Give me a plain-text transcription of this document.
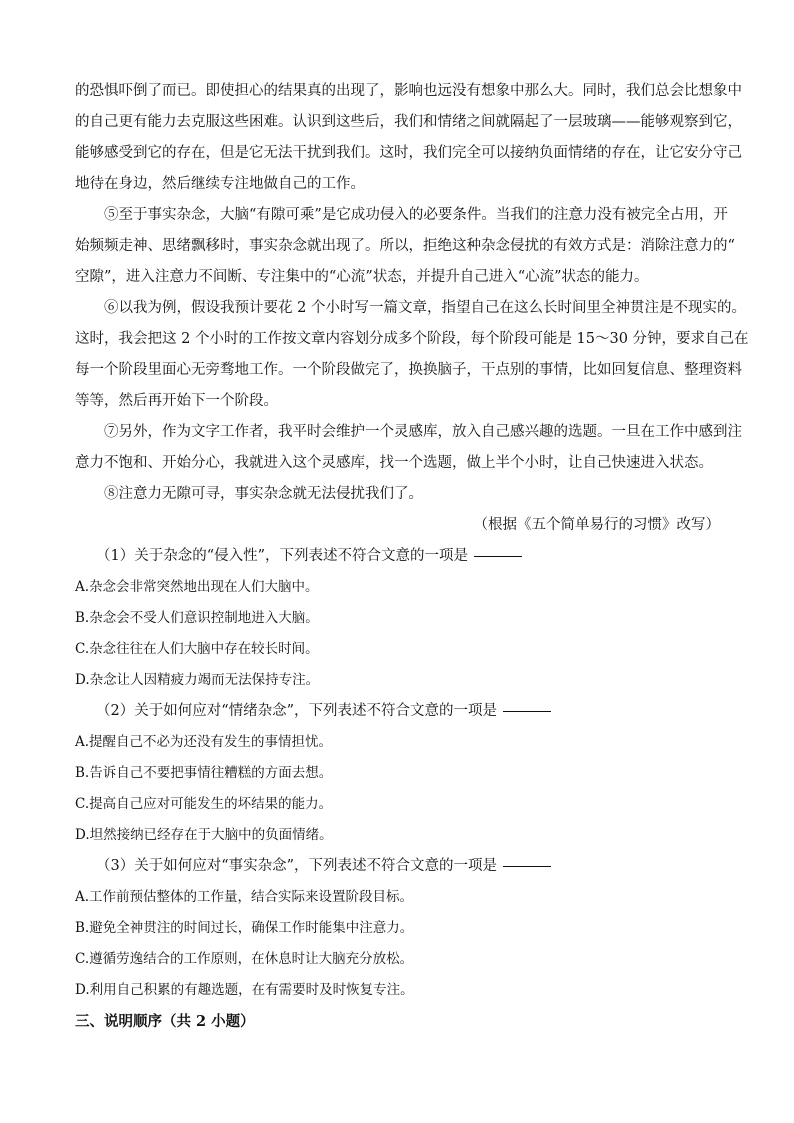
的恐惧吓倒了而已。即使担心的结果真的出现了，影响也远没有想象中那么大。同时，我们总会比想象中
的自己更有能力去克服这些困难。认识到这些后，我们和情绪之间就隔起了一层玻璃——能够观察到它，
能够感受到它的存在，但是它无法干扰到我们。这时，我们完全可以接纳负面情绪的存在，让它安分守己
地待在身边，然后继续专注地做自己的工作。
⑤至于事实杂念，大脑“有隙可乘”是它成功侵入的必要条件。当我们的注意力没有被完全占用，开
始频频走神、思绪飘移时，事实杂念就出现了。所以，拒绝这种杂念侵扰的有效方式是：消除注意力的“
空隙”，进入注意力不间断、专注集中的“心流”状态，并提升自己进入“心流”状态的能力。
⑥以我为例，假设我预计要花 2 个小时写一篇文章，指望自己在这么长时间里全神贯注是不现实的。
这时，我会把这 2 个小时的工作按文章内容划分成多个阶段，每个阶段可能是 15～30 分钟，要求自己在
每一个阶段里面心无旁骛地工作。一个阶段做完了，换换脑子，干点别的事情，比如回复信息、整理资料
等等，然后再开始下一个阶段。
⑦另外，作为文字工作者，我平时会维护一个灵感库，放入自己感兴趣的选题。一旦在工作中感到注
意力不饱和、开始分心，我就进入这个灵感库，找一个选题，做上半个小时，让自己快速进入状态。
⑧注意力无隙可寻，事实杂念就无法侵扰我们了。

（根据《五个简单易行的习惯》改写）

（1）关于杂念的“侵入性”，下列表述不符合文意的一项是

A.杂念会非常突然地出现在人们大脑中。

B.杂念会不受人们意识控制地进入大脑。

C.杂念往往在人们大脑中存在较长时间。

D.杂念让人因精疲力竭而无法保持专注。

（2）关于如何应对“情绪杂念”，下列表述不符合文意的一项是

A.提醒自己不必为还没有发生的事情担忧。

B.告诉自己不要把事情往糟糕的方面去想。

C.提高自己应对可能发生的坏结果的能力。

D.坦然接纳已经存在于大脑中的负面情绪。

（3）关于如何应对“事实杂念”，下列表述不符合文意的一项是

A.工作前预估整体的工作量，结合实际来设置阶段目标。

B.避免全神贯注的时间过长，确保工作时能集中注意力。

C.遵循劳逸结合的工作原则，在休息时让大脑充分放松。

D.利用自己积累的有趣选题，在有需要时及时恢复专注。

三、说明顺序（共 2 小题）
